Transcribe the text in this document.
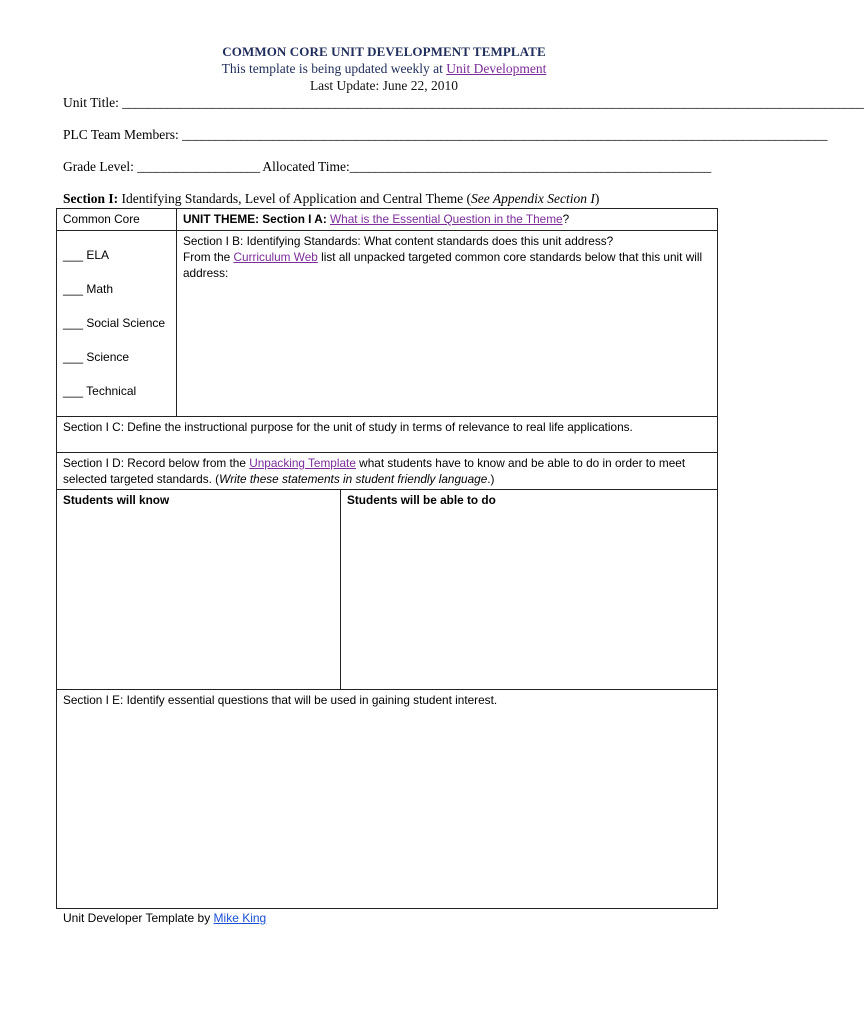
COMMON CORE UNIT DEVELOPMENT TEMPLATE
This template is being updated weekly at Unit Development
Last Update: June 22, 2010
Unit Title: ___________________________________________________________________________________________________________________
PLC Team Members: ____________________________________________________________________________________________________
Grade Level: ___________________ Allocated Time:________________________________________________________
Section I: Identifying Standards, Level of Application and Central Theme (See Appendix Section I)
Common Core	UNIT THEME: Section I A: What is the Essential Question in the Theme?

___ ELA
___ Math
___ Social Science
___ Science
___ Technical

Section I B: Identifying Standards: What content standards does this unit address?
From the Curriculum Web list all unpacked targeted common core standards below that this unit will address:

Section I C: Define the instructional purpose for the unit of study in terms of relevance to real life applications.

Section I D: Record below from the Unpacking Template what students have to know and be able to do in order to meet selected targeted standards. (Write these statements in student friendly language.)
Students will know	Students will be able to do

Section I E: Identify essential questions that will be used in gaining student interest.
Unit Developer Template by Mike King
